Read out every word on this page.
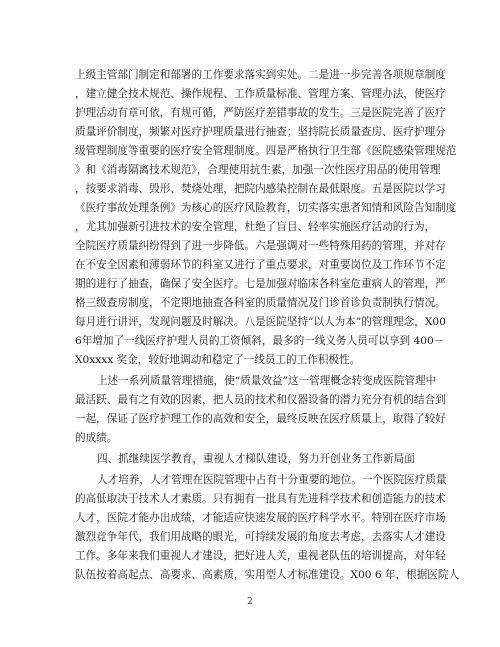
上级主管部门制定和部署的工作要求落实到实处。二是进一步完善各项规章制度
，建立健全技术规范、操作规程、工作质量标准、管理方案、管理办法，使医疗
护理活动有章可依，有规可循，严防医疗差错事故的发生。三是医院完善了医疗
质量评价制度，频繁对医疗护理质量进行抽查；坚持院长质量查房、医疗护理分
级管理制度等重要的医疗安全管理制度。四是严格执行卫生部《医院感染管理规范
》和《消毒隔离技术规范》，合理使用抗生素，加强一次性医疗用品的使用管理
，按要求消毒、毁形、焚烧处理，把院内感染控制在最低限度。五是医院以学习
《医疗事故处理条例》为核心的医疗风险教育，切实落实患者知情和风险告知制度
，尤其加强新引进技术的安全管理，杜绝了盲目、轻率实施医疗活动的行为，
全院医疗质量纠纷得到了进一步降低。六是强调对一些特殊用药的管理，并对存
在不安全因素和薄弱环节的科室又进行了重点要求，对重要岗位及工作环节不定
期的进行了抽查，确保了安全医疗。七是加强对临床各科室危重病人的管理，严
格三级查房制度，不定期地抽查各科室的质量情况及门诊首诊负责制执行情况。
每月进行讲评，发现问题及时解决。八是医院坚持“以人为本”的管理理念，X00
6年增加了一线医疗护理人员的工资倾斜，最多的一线义务人员可以享到 400－
X0xxxx 奖金，较好地调动和稳定了一线员工的工作积极性。
上述一系列质量管理措施，使“质量效益”这一管理概念转变成医院管理中
最活跃、最有之有效的因素，把人员的技术和仪器设备的潜力充分有机的结合到
一起，保证了医疗护理工作的高效和安全，最终反映在医疗质量上，取得了较好
的成绩。
四、抓继续医学教育，重视人才梯队建设，努力开创业务工作新局面
人才培养，人才管理在医院管理中占有十分重要的地位。一个医院医疗质量
的高低取决于技术人才素质。只有拥有一批具有先进科学技术和创造能力的技术
人才，医院才能办出成绩，才能适应快速发展的医疗科学水平。特别在医疗市场
激烈竞争年代，我们用战略的眼光，可持续发展的角度去考虑，去落实人才建设
工作。多年来我们重视人才建设，把好进人关，重视老队伍的培训提高，对年轻
队伍按着高起点、高要求、高素质，实用型人才标准建设。X00 6 年，根据医院人
2
